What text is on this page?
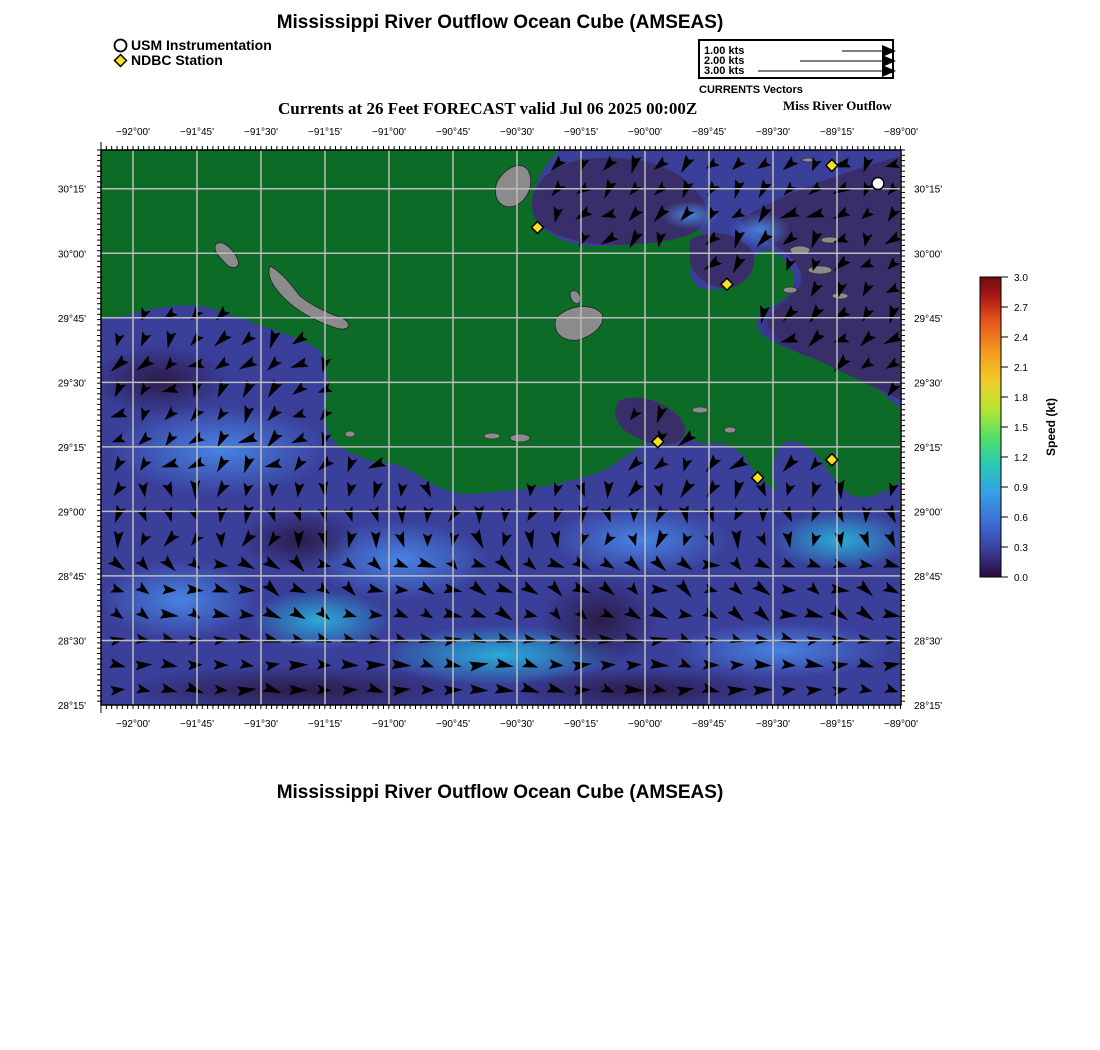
Mississippi River Outflow Ocean Cube (AMSEAS)
Mississippi River Outflow Ocean Cube (AMSEAS)
USM Instrumentation
NDBC Station
1.00 kts
2.00 kts
3.00 kts
CURRENTS Vectors
Currents at 26 Feet FORECAST valid Jul 06 2025 00:00Z	Miss River Outflow
−92°00'	−91°45'	−91°30'	−91°15'	−91°00'	−90°45'	−90°30'	−90°15'	−90°00'	−89°45'	−89°30'	−89°15'	−89°00'
−92°00'	−91°45'	−91°30'	−91°15'	−91°00'	−90°45'	−90°30'	−90°15'	−90°00'	−89°45'	−89°30'	−89°15'	−89°00'
30°15'
30°00'
29°45'
29°30'
29°15'
29°00'
28°45'
28°30'
28°15'
30°15'
30°00'
29°45'
29°30'
29°15'
29°00'
28°45'
28°30'
28°15'
3.0
2.7
2.4
2.1
1.8
1.5
1.2
0.9
0.6
0.3
0.0
Speed (kt)
